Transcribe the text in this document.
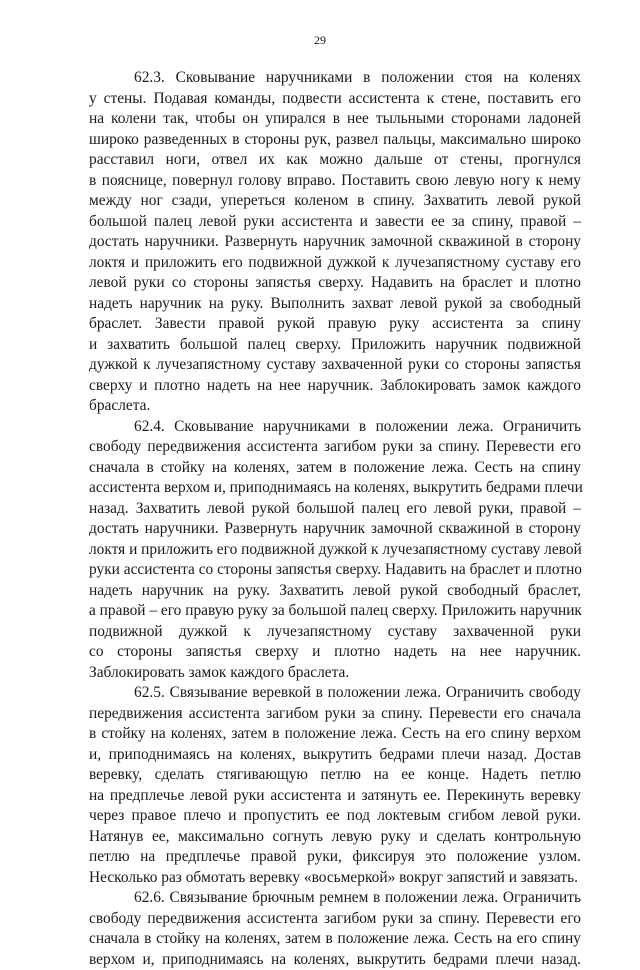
29

62.3. Сковывание наручниками в положении стоя на коленях
у стены. Подавая команды, подвести ассистента к стене, поставить его
на колени так, чтобы он упирался в нее тыльными сторонами ладоней
широко разведенных в стороны рук, развел пальцы, максимально широко
расставил ноги, отвел их как можно дальше от стены, прогнулся
в пояснице, повернул голову вправо. Поставить свою левую ногу к нему
между ног сзади, упереться коленом в спину. Захватить левой рукой
большой палец левой руки ассистента и завести ее за спину, правой –
достать наручники. Развернуть наручник замочной скважиной в сторону
локтя и приложить его подвижной дужкой к лучезапястному суставу его
левой руки со стороны запястья сверху. Надавить на браслет и плотно
надеть наручник на руку. Выполнить захват левой рукой за свободный
браслет. Завести правой рукой правую руку ассистента за спину
и захватить большой палец сверху. Приложить наручник подвижной
дужкой к лучезапястному суставу захваченной руки со стороны запястья
сверху и плотно надеть на нее наручник. Заблокировать замок каждого
браслета.

62.4. Сковывание наручниками в положении лежа. Ограничить
свободу передвижения ассистента загибом руки за спину. Перевести его
сначала в стойку на коленях, затем в положение лежа. Сесть на спину
ассистента верхом и, приподнимаясь на коленях, выкрутить бедрами плечи
назад. Захватить левой рукой большой палец его левой руки, правой –
достать наручники. Развернуть наручник замочной скважиной в сторону
локтя и приложить его подвижной дужкой к лучезапястному суставу левой
руки ассистента со стороны запястья сверху. Надавить на браслет и плотно
надеть наручник на руку. Захватить левой рукой свободный браслет,
а правой – его правую руку за большой палец сверху. Приложить наручник
подвижной дужкой к лучезапястному суставу захваченной руки
со стороны запястья сверху и плотно надеть на нее наручник.
Заблокировать замок каждого браслета.

62.5. Связывание веревкой в положении лежа. Ограничить свободу
передвижения ассистента загибом руки за спину. Перевести его сначала
в стойку на коленях, затем в положение лежа. Сесть на его спину верхом
и, приподнимаясь на коленях, выкрутить бедрами плечи назад. Достав
веревку, сделать стягивающую петлю на ее конце. Надеть петлю
на предплечье левой руки ассистента и затянуть ее. Перекинуть веревку
через правое плечо и пропустить ее под локтевым сгибом левой руки.
Натянув ее, максимально согнуть левую руку и сделать контрольную
петлю на предплечье правой руки, фиксируя это положение узлом.
Несколько раз обмотать веревку «восьмеркой» вокруг запястий и завязать.

62.6. Связывание брючным ремнем в положении лежа. Ограничить
свободу передвижения ассистента загибом руки за спину. Перевести его
сначала в стойку на коленях, затем в положение лежа. Сесть на его спину
верхом и, приподнимаясь на коленях, выкрутить бедрами плечи назад.
